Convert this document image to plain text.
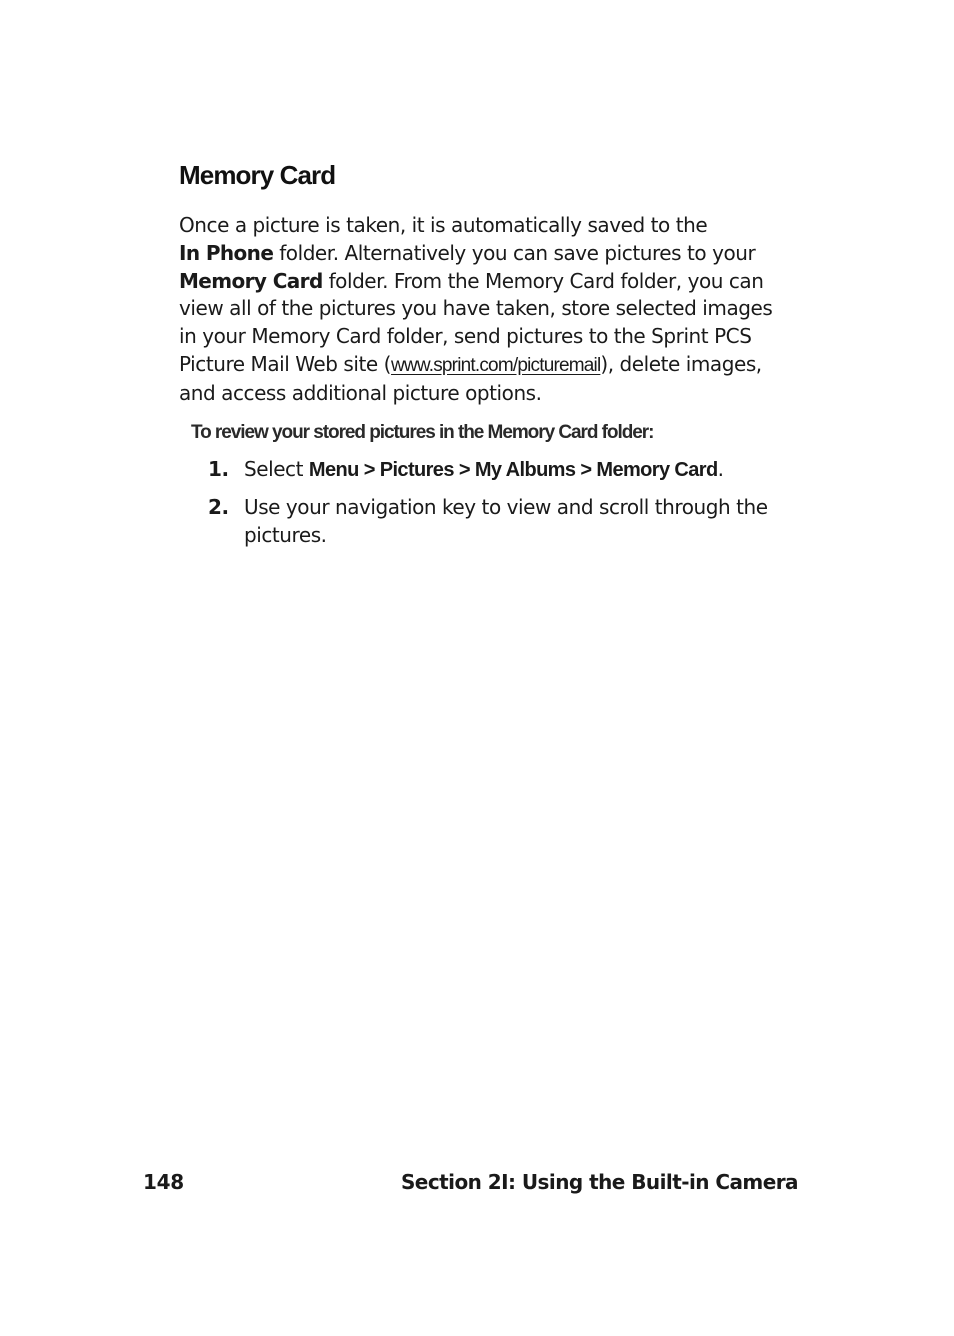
Memory Card

Once a picture is taken, it is automatically saved to the
In Phone folder. Alternatively you can save pictures to your
Memory Card folder. From the Memory Card folder, you can view all of the pictures you have taken, store selected images in your Memory Card folder, send pictures to the Sprint PCS Picture Mail Web site (www.sprint.com/picturemail), delete images, and access additional picture options.

To review your stored pictures in the Memory Card folder:

1. Select Menu > Pictures > My Albums > Memory Card.
2. Use your navigation key to view and scroll through the pictures.

148	Section 2I: Using the Built-in Camera
